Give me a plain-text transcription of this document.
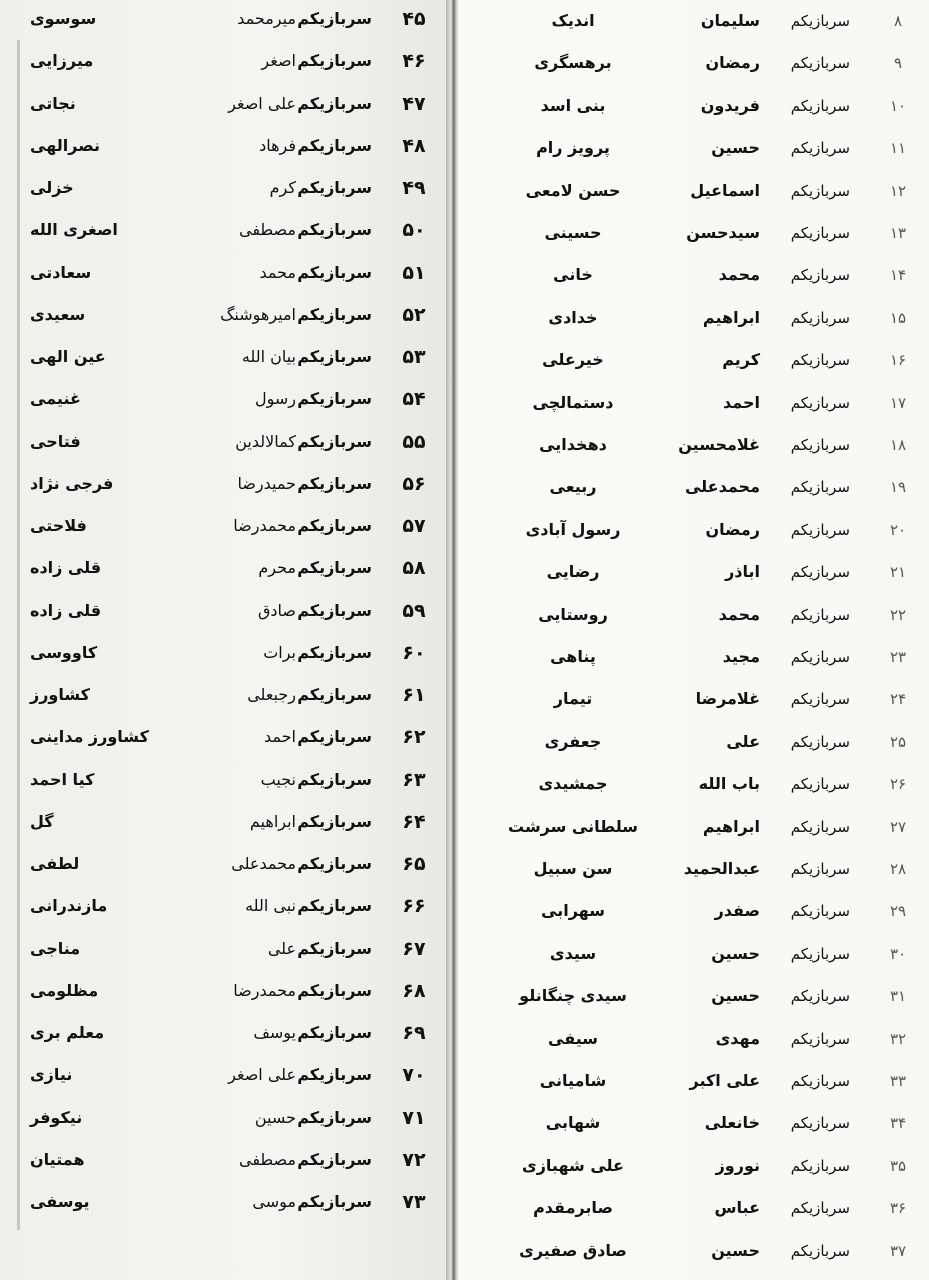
۴۵
سربازیکم
میرمحمد
سوسوی
۴۶
سربازیکم
اصغر
میرزایی
۴۷
سربازیکم
علی اصغر
نجاتی
۴۸
سربازیکم
فرهاد
نصرالهی
۴۹
سربازیکم
کرم
خزلی
۵۰
سربازیکم
مصطفی
اصغری الله
۵۱
سربازیکم
محمد
سعادتی
۵۲
سربازیکم
امیرهوشنگ
سعیدی
۵۳
سربازیکم
بیان الله
عین الهی
۵۴
سربازیکم
رسول
غنیمی
۵۵
سربازیکم
کمالالدین
فتاحی
۵۶
سربازیکم
حمیدرضا
فرجی نژاد
۵۷
سربازیکم
محمدرضا
فلاحتی
۵۸
سربازیکم
محرم
قلی زاده
۵۹
سربازیکم
صادق
قلی زاده
۶۰
سربازیکم
برات
کاووسی
۶۱
سربازیکم
رجبعلی
کشاورز
۶۲
سربازیکم
احمد
کشاورز مداینی
۶۳
سربازیکم
نجیب
کیا احمد
۶۴
سربازیکم
ابراهیم
گل
۶۵
سربازیکم
محمدعلی
لطفی
۶۶
سربازیکم
نبی الله
مازندرانی
۶۷
سربازیکم
علی
مناجی
۶۸
سربازیکم
محمدرضا
مظلومی
۶۹
سربازیکم
یوسف
معلم بری
۷۰
سربازیکم
علی اصغر
نیازی
۷۱
سربازیکم
حسین
نیکوفر
۷۲
سربازیکم
مصطفی
همتیان
۷۳
سربازیکم
موسی
یوسفی
۸
سربازیکم
سلیمان
اندیک
۹
سربازیکم
رمضان
برهسگری
۱۰
سربازیکم
فریدون
بنی اسد
۱۱
سربازیکم
حسین
پرویز رام
۱۲
سربازیکم
اسماعیل
حسن لامعی
۱۳
سربازیکم
سیدحسن
حسینی
۱۴
سربازیکم
محمد
خانی
۱۵
سربازیکم
ابراهیم
خدادی
۱۶
سربازیکم
کریم
خیرعلی
۱۷
سربازیکم
احمد
دستمالچی
۱۸
سربازیکم
غلامحسین
دهخدایی
۱۹
سربازیکم
محمدعلی
ربیعی
۲۰
سربازیکم
رمضان
رسول آبادی
۲۱
سربازیکم
اباذر
رضایی
۲۲
سربازیکم
محمد
روستایی
۲۳
سربازیکم
مجید
پناهی
۲۴
سربازیکم
غلامرضا
تیمار
۲۵
سربازیکم
علی
جعفری
۲۶
سربازیکم
باب الله
جمشیدی
۲۷
سربازیکم
ابراهیم
سلطانی سرشت
۲۸
سربازیکم
عبدالحمید
سن سبیل
۲۹
سربازیکم
صفدر
سهرابی
۳۰
سربازیکم
حسین
سیدی
۳۱
سربازیکم
حسین
سیدی چنگانلو
۳۲
سربازیکم
مهدی
سیفی
۳۳
سربازیکم
علی اکبر
شامیانی
۳۴
سربازیکم
خانعلی
شهابی
۳۵
سربازیکم
نوروز
علی شهبازی
۳۶
سربازیکم
عباس
صابرمقدم
۳۷
سربازیکم
حسین
صادق صفیری
